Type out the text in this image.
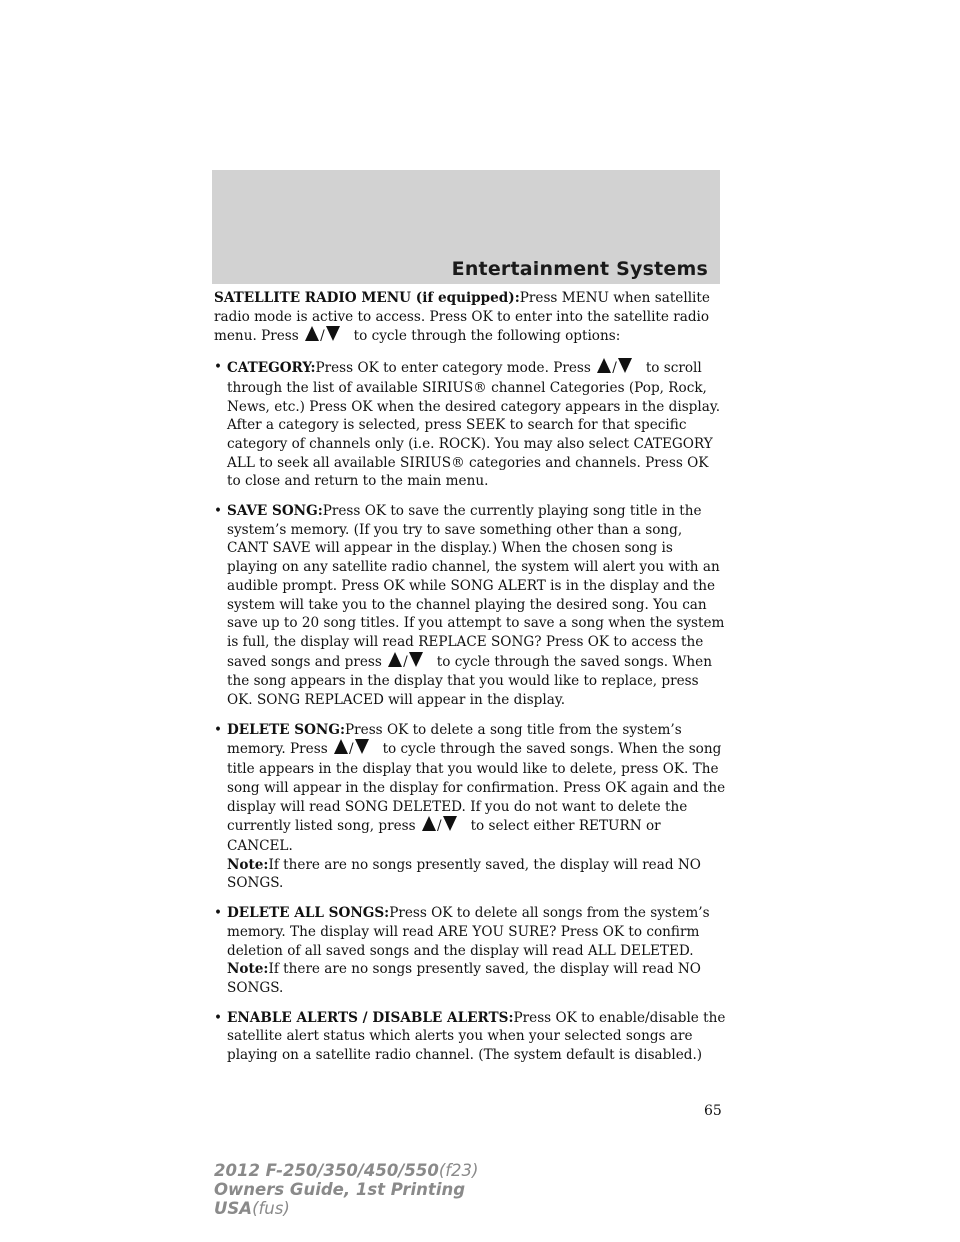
Entertainment Systems

SATELLITE RADIO MENU (if equipped):Press MENU when satellite radio mode is active to access. Press OK to enter into the satellite radio menu. Press / to cycle through the following options:

• CATEGORY:Press OK to enter category mode. Press / to scroll through the list of available SIRIUS® channel Categories (Pop, Rock, News, etc.) Press OK when the desired category appears in the display. After a category is selected, press SEEK to search for that specific category of channels only (i.e. ROCK). You may also select CATEGORY ALL to seek all available SIRIUS® categories and channels. Press OK to close and return to the main menu.

• SAVE SONG:Press OK to save the currently playing song title in the system’s memory. (If you try to save something other than a song, CANT SAVE will appear in the display.) When the chosen song is playing on any satellite radio channel, the system will alert you with an audible prompt. Press OK while SONG ALERT is in the display and the system will take you to the channel playing the desired song. You can save up to 20 song titles. If you attempt to save a song when the system is full, the display will read REPLACE SONG? Press OK to access the saved songs and press / to cycle through the saved songs. When the song appears in the display that you would like to replace, press OK. SONG REPLACED will appear in the display.

• DELETE SONG:Press OK to delete a song title from the system’s memory. Press / to cycle through the saved songs. When the song title appears in the display that you would like to delete, press OK. The song will appear in the display for confirmation. Press OK again and the display will read SONG DELETED. If you do not want to delete the currently listed song, press / to select either RETURN or CANCEL.

Note:If there are no songs presently saved, the display will read NO SONGS.

• DELETE ALL SONGS:Press OK to delete all songs from the system’s memory. The display will read ARE YOU SURE? Press OK to confirm deletion of all saved songs and the display will read ALL DELETED.

Note:If there are no songs presently saved, the display will read NO SONGS.

• ENABLE ALERTS / DISABLE ALERTS:Press OK to enable/disable the satellite alert status which alerts you when your selected songs are playing on a satellite radio channel. (The system default is disabled.)

65
2012 F-250/350/450/550(f23)
Owners Guide, 1st Printing
USA(fus)
